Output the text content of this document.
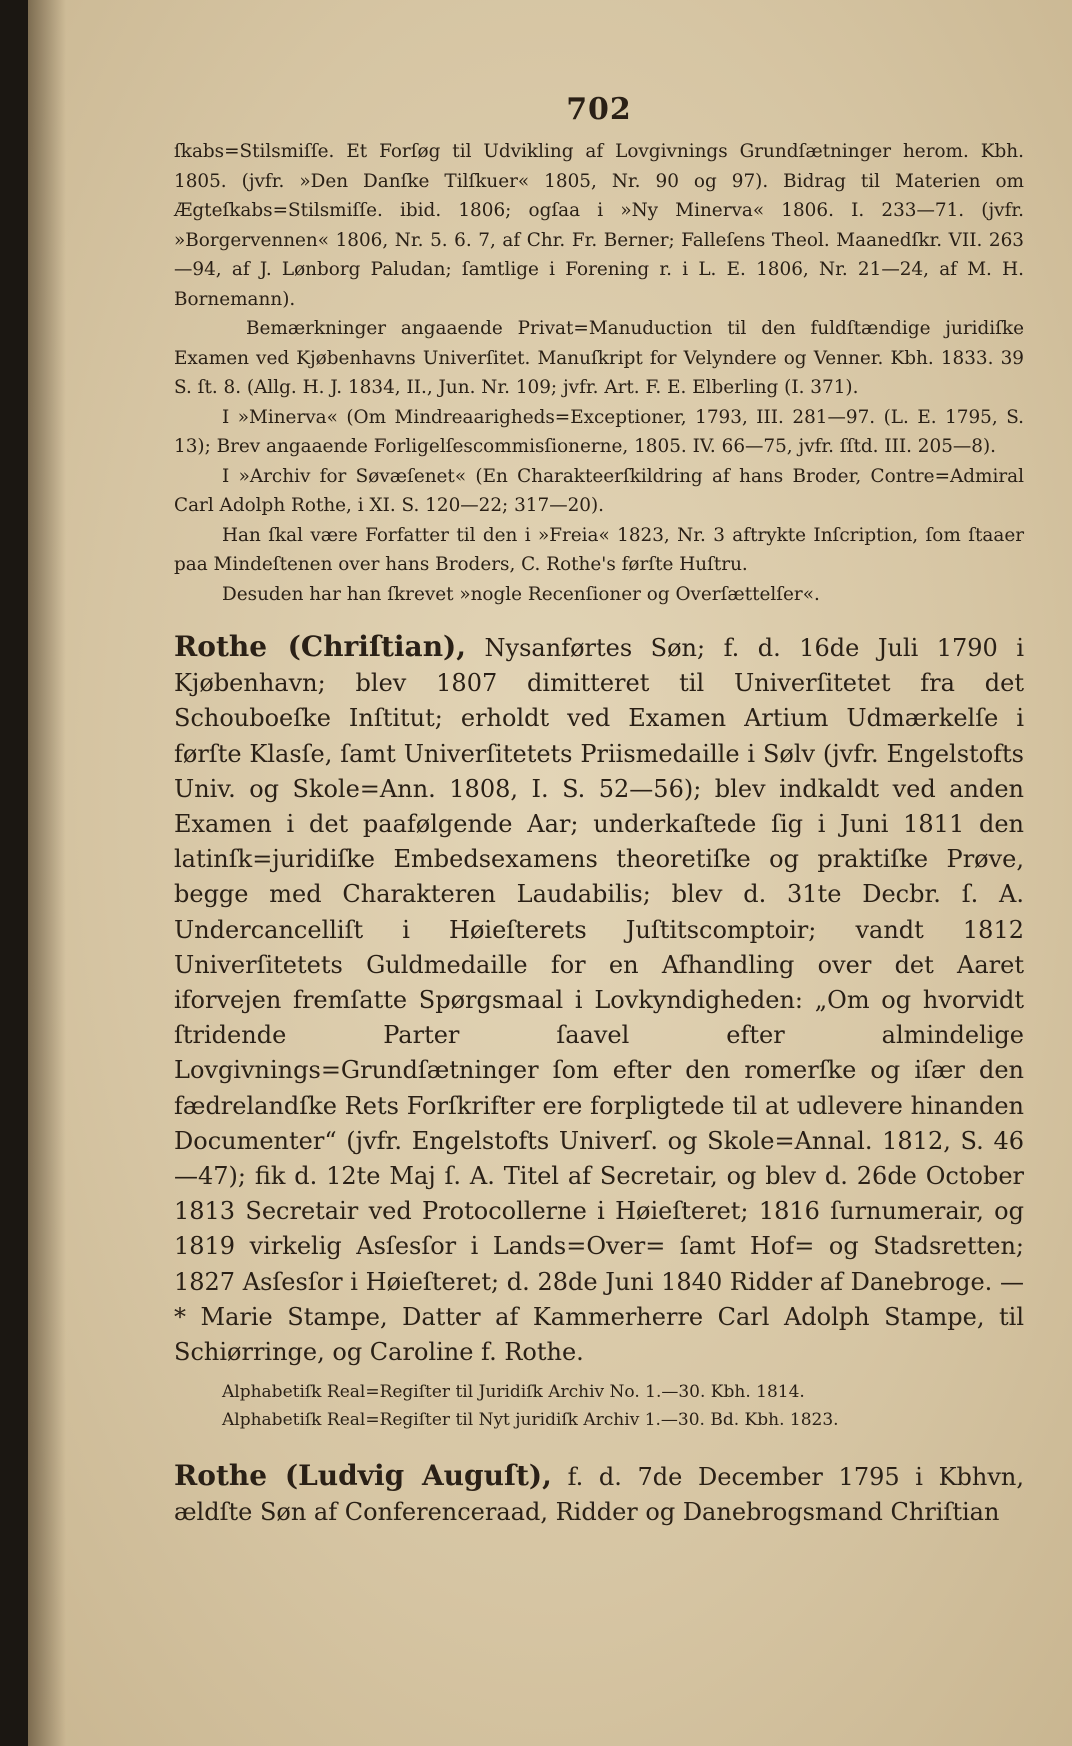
702

ſkabs=Stilsmiſſe. Et Forſøg til Udvikling af Lovgivnings Grundſætninger herom. Kbh. 1805. (jvfr. »Den Danſke Tilſkuer« 1805, Nr. 90 og 97). Bidrag til Materien om Ægteſkabs=Stilsmiſſe. ibid. 1806; ogſaa i »Ny Minerva« 1806. I. 233—71. (jvfr. »Borgervennen« 1806, Nr. 5. 6. 7, af Chr. Fr. Berner; Falleſens Theol. Maanedſkr. VII. 263—94, af J. Lønborg Paludan; ſamtlige i Forening r. i L. E. 1806, Nr. 21—24, af M. H. Bornemann).

Bemærkninger angaaende Privat=Manuduction til den fuldſtændige juridiſke Examen ved Kjøbenhavns Univerſitet. Manuſkript for Velyndere og Venner. Kbh. 1833. 39 S. ſt. 8. (Allg. H. J. 1834, II., Jun. Nr. 109; jvfr. Art. F. E. Elberling (I. 371).

I »Minerva« (Om Mindreaarigheds=Exceptioner, 1793, III. 281—97. (L. E. 1795, S. 13); Brev angaaende Forligelſescommisſionerne, 1805. IV. 66—75, jvfr. ſſtd. III. 205—8).

I »Archiv for Søvæſenet« (En Charakteerſkildring af hans Broder, Contre=Admiral Carl Adolph Rothe, i XI. S. 120—22; 317—20).

Han ſkal være Forfatter til den i »Freia« 1823, Nr. 3 aftrykte Inſcription, ſom ſtaaer paa Mindeſtenen over hans Broders, C. Rothe's førſte Huſtru.

Desuden har han ſkrevet »nogle Recenſioner og Overſættelſer«.

Rothe (Chriſtian), Nysanførtes Søn; f. d. 16de Juli 1790 i Kjøbenhavn; blev 1807 dimitteret til Univerſitetet fra det Schouboeſke Inſtitut; erholdt ved Examen Artium Udmærkelſe i førſte Klasſe, ſamt Univerſitetets Priismedaille i Sølv (jvfr. Engelstofts Univ. og Skole=Ann. 1808, I. S. 52—56); blev indkaldt ved anden Examen i det paafølgende Aar; underkaſtede ſig i Juni 1811 den latinſk=juridiſke Embedsexamens theoretiſke og praktiſke Prøve, begge med Charakteren Laudabilis; blev d. 31te Decbr. ſ. A. Undercancelliſt i Høieſterets Juſtitscomptoir; vandt 1812 Univerſitetets Guldmedaille for en Afhandling over det Aaret iforvejen fremſatte Spørgsmaal i Lovkyndigheden: „Om og hvorvidt ſtridende Parter ſaavel efter almindelige Lovgivnings=Grundſætninger ſom efter den romerſke og iſær den fædrelandſke Rets Forſkrifter ere forpligtede til at udlevere hinanden Documenter“ (jvfr. Engelstofts Univerſ. og Skole=Annal. 1812, S. 46—47); fik d. 12te Maj ſ. A. Titel af Secretair, og blev d. 26de October 1813 Secretair ved Protocollerne i Høieſteret; 1816 ſurnumerair, og 1819 virkelig Asſesſor i Lands=Over= ſamt Hof= og Stadsretten; 1827 Asſesſor i Høieſteret; d. 28de Juni 1840 Ridder af Danebroge. — * Marie Stampe, Datter af Kammerherre Carl Adolph Stampe, til Schiørringe, og Caroline f. Rothe.

Alphabetiſk Real=Regiſter til Juridiſk Archiv No. 1.—30. Kbh. 1814.

Alphabetiſk Real=Regiſter til Nyt juridiſk Archiv 1.—30. Bd. Kbh. 1823.

Rothe (Ludvig Auguſt), f. d. 7de December 1795 i Kbhvn, ældſte Søn af Conferenceraad, Ridder og Danebrogsmand Chriſtian
